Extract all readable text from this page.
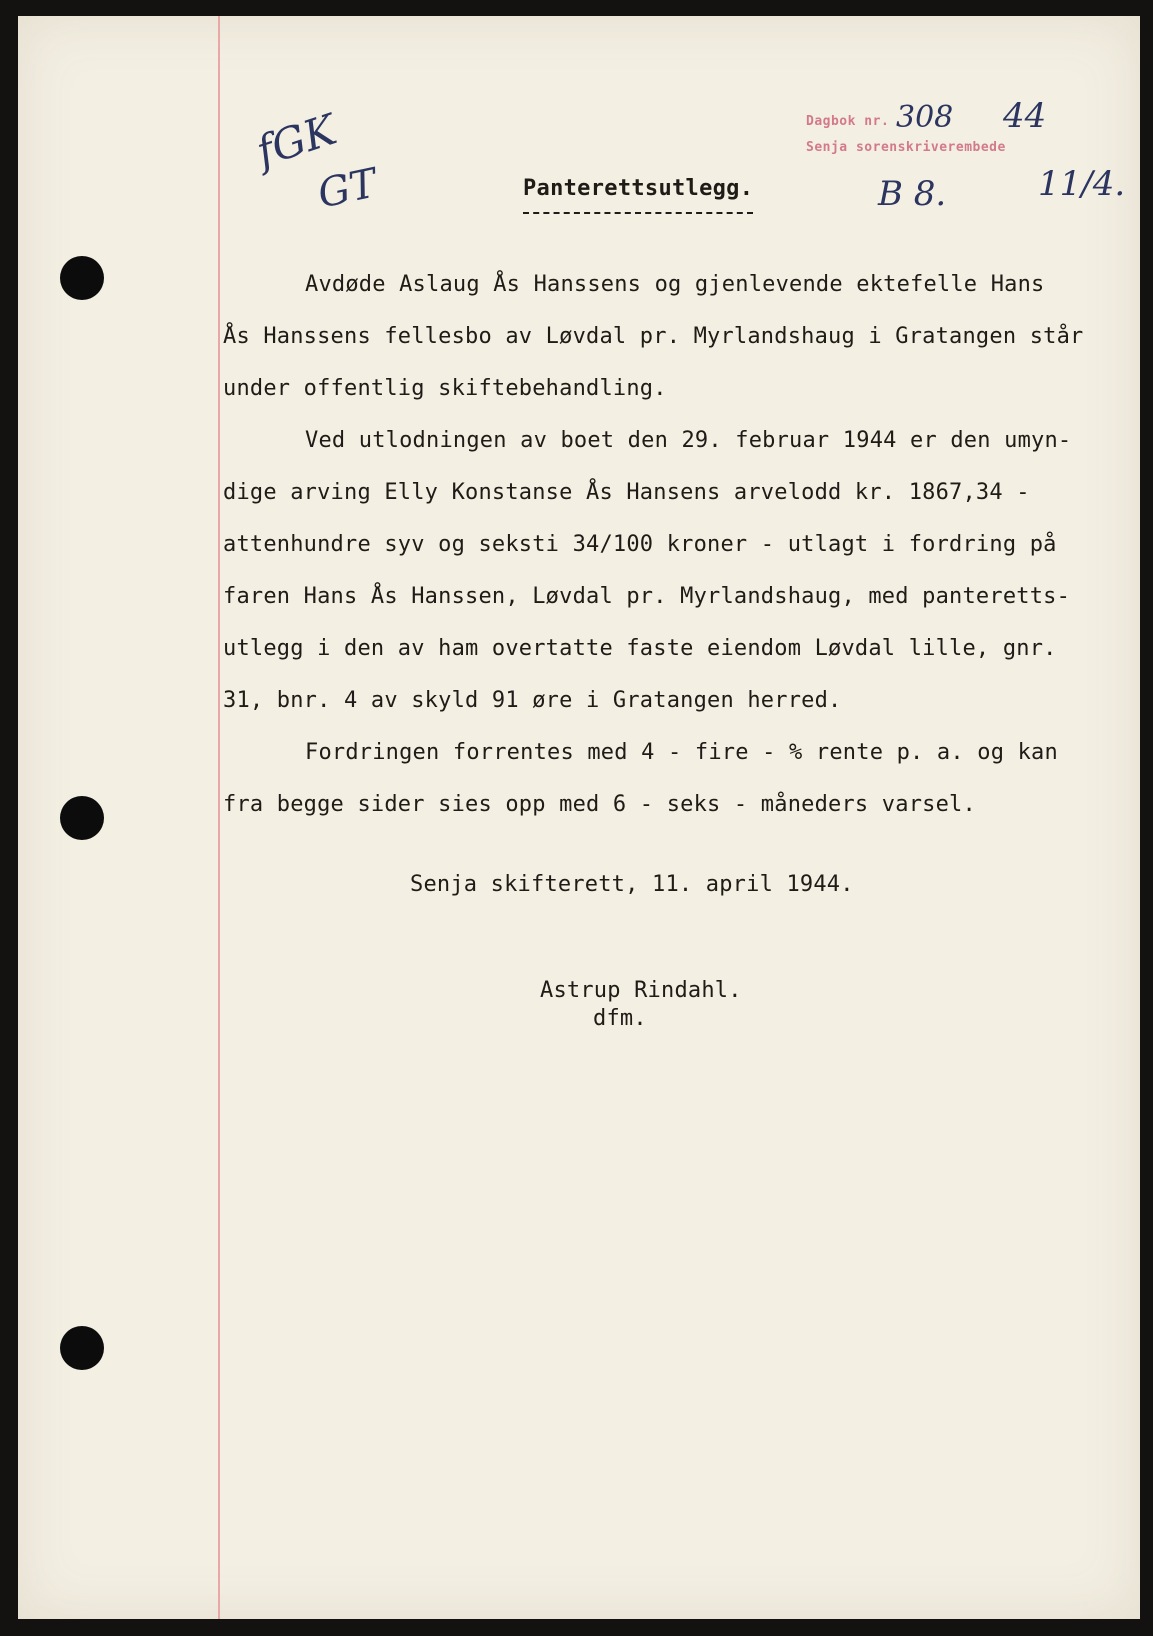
Dagbok nr. 308 44
Senja sorenskriverembede
fGK
GT	B 8.	11/4.
Panterettsutlegg.
Avdøde Aslaug Ås Hanssens og gjenlevende ektefelle Hans
Ås Hanssens fellesbo av Løvdal pr. Myrlandshaug i Gratangen står
under offentlig skiftebehandling.
Ved utlodningen av boet den 29. februar 1944 er den umyn-
dige arving Elly Konstanse Ås Hansens arvelodd kr. 1867,34 -
attenhundre syv og seksti 34/100 kroner - utlagt i fordring på
faren Hans Ås Hanssen, Løvdal pr. Myrlandshaug, med panteretts-
utlegg i den av ham overtatte faste eiendom Løvdal lille, gnr.
31, bnr. 4 av skyld 91 øre i Gratangen herred.
Fordringen forrentes med 4 - fire - % rente p. a. og kan
fra begge sider sies opp med 6 - seks - måneders varsel.
Senja skifterett, 11. april 1944.
Astrup Rindahl.
dfm.
